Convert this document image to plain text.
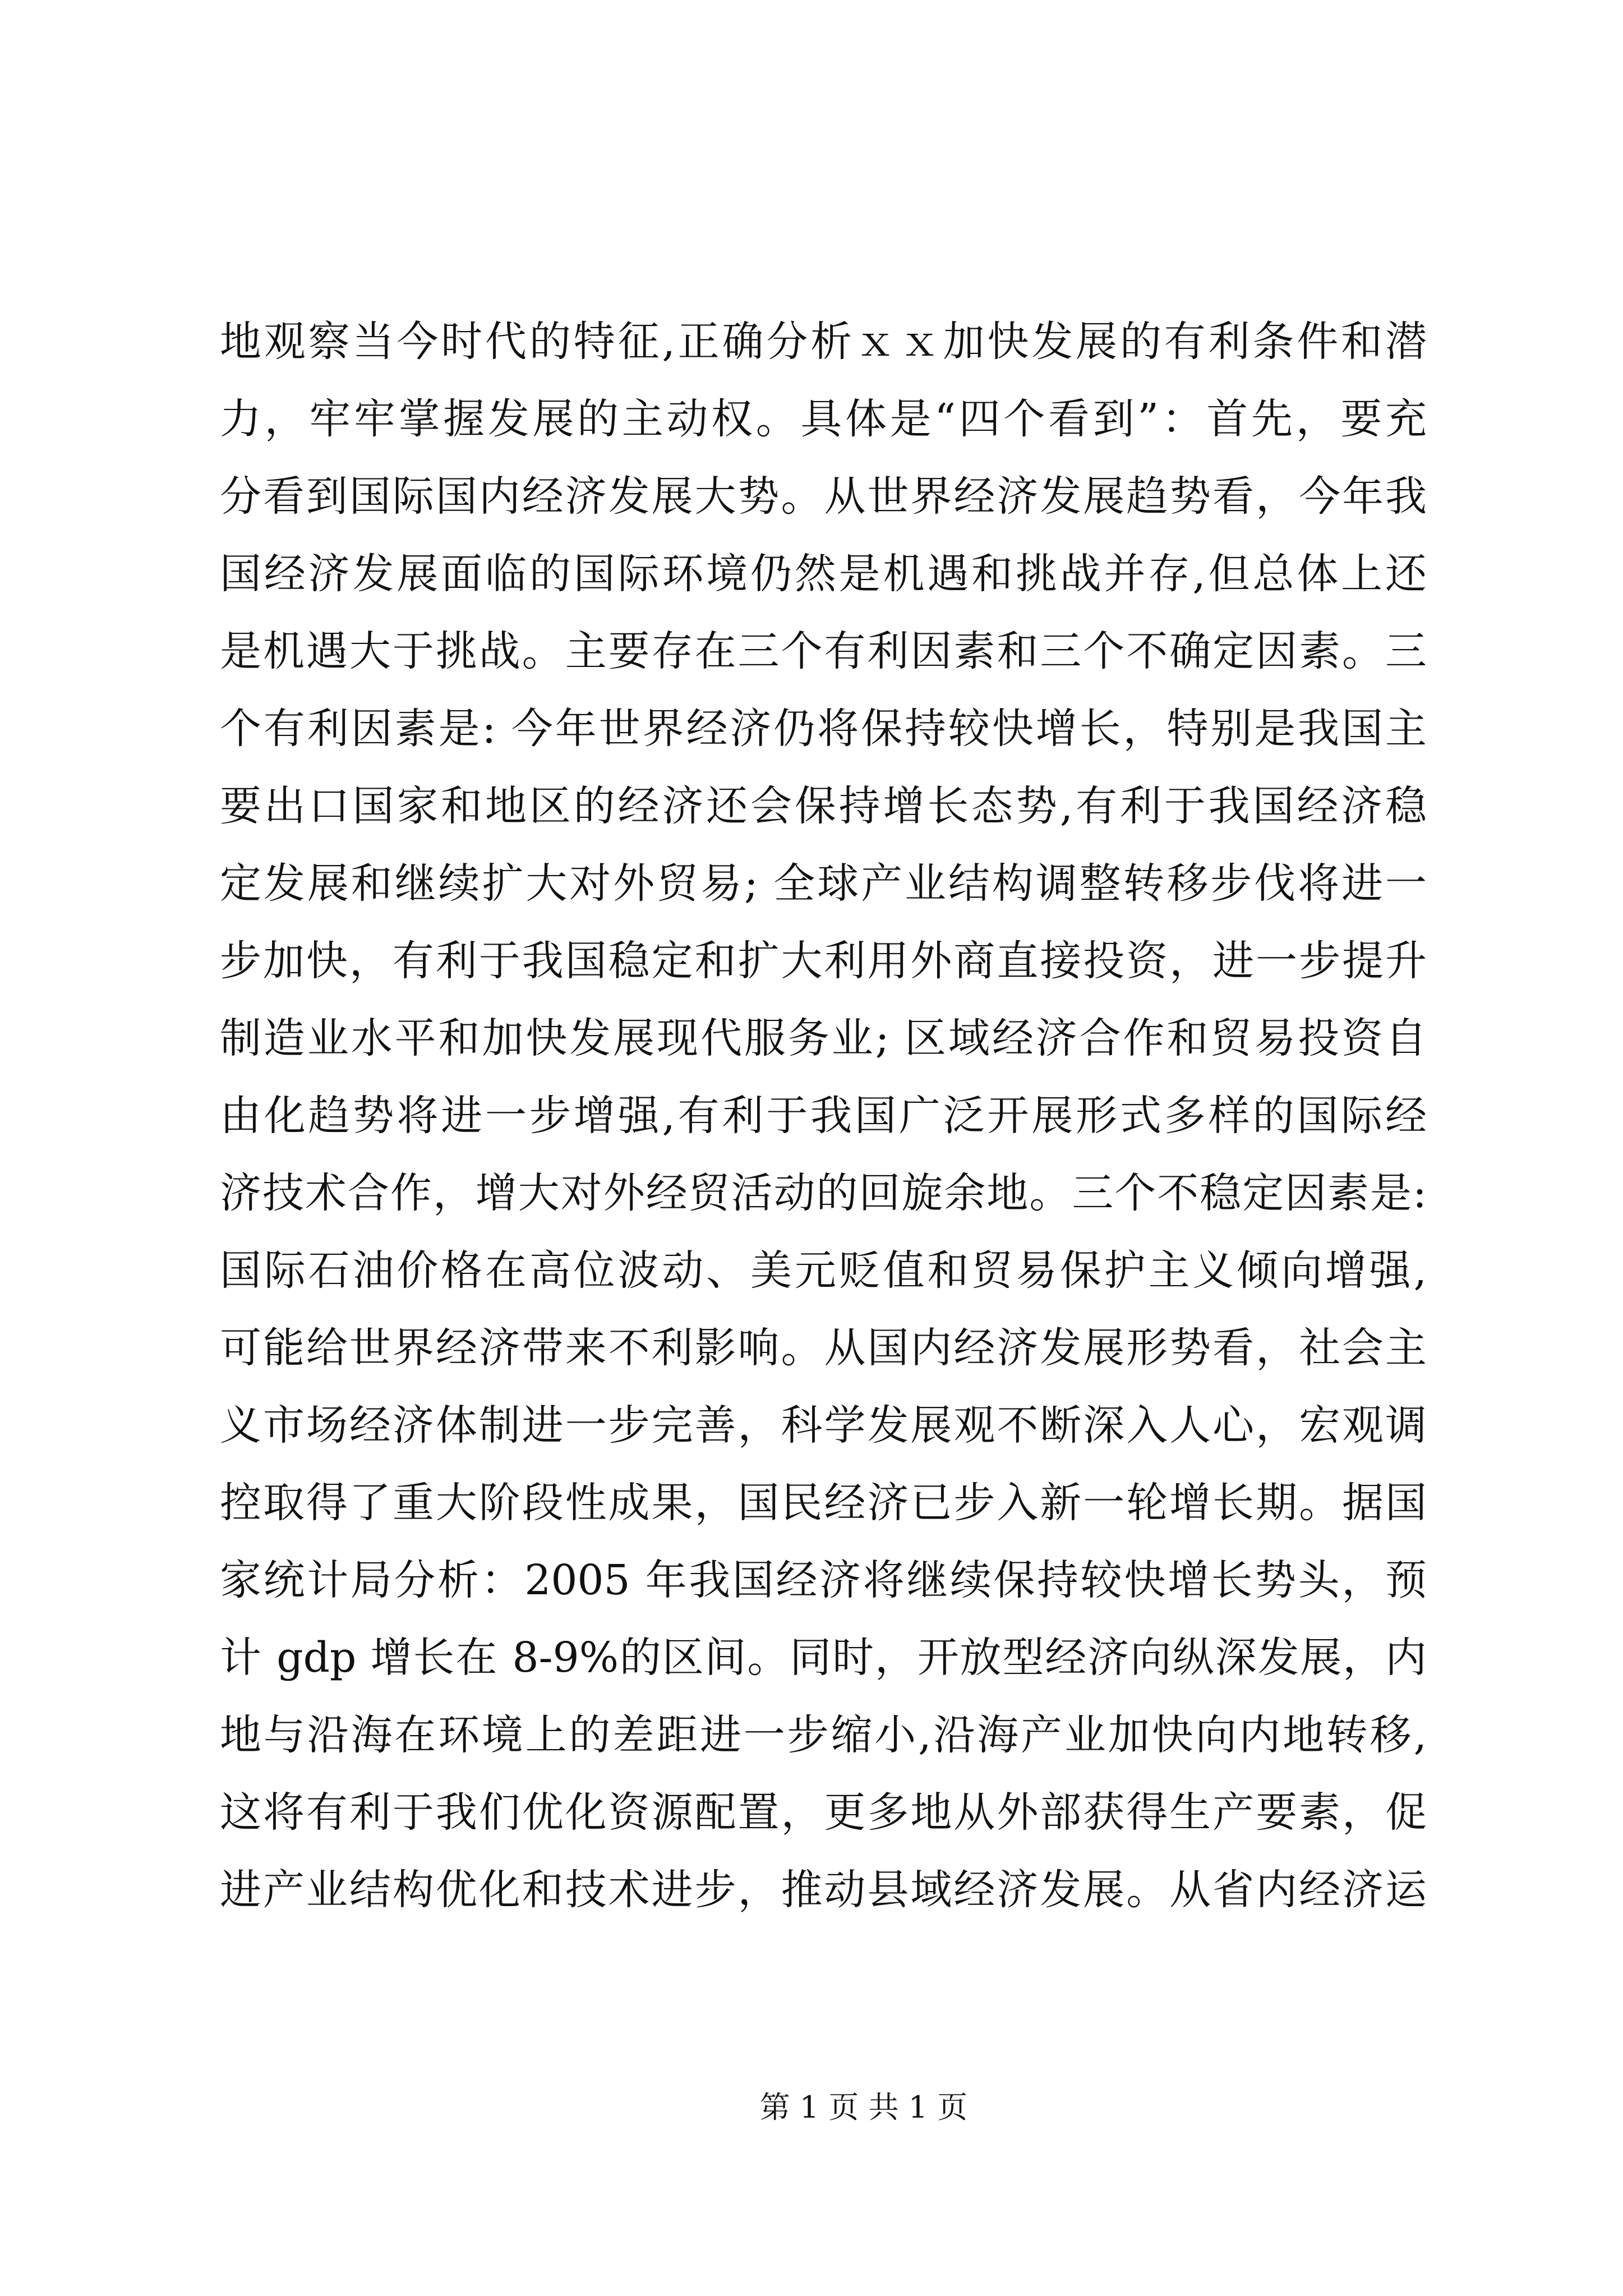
地观察当今时代的特征,正确分析ｘｘ加快发展的有利条件和潜
力，牢牢掌握发展的主动权。具体是“四个看到”：首先，要充
分看到国际国内经济发展大势。从世界经济发展趋势看，今年我
国经济发展面临的国际环境仍然是机遇和挑战并存,但总体上还
是机遇大于挑战。主要存在三个有利因素和三个不确定因素。三
个有利因素是: 今年世界经济仍将保持较快增长，特别是我国主
要出口国家和地区的经济还会保持增长态势,有利于我国经济稳
定发展和继续扩大对外贸易; 全球产业结构调整转移步伐将进一
步加快，有利于我国稳定和扩大利用外商直接投资，进一步提升
制造业水平和加快发展现代服务业; 区域经济合作和贸易投资自
由化趋势将进一步增强,有利于我国广泛开展形式多样的国际经
济技术合作，增大对外经贸活动的回旋余地。三个不稳定因素是:
国际石油价格在高位波动、美元贬值和贸易保护主义倾向增强,
可能给世界经济带来不利影响。从国内经济发展形势看，社会主
义市场经济体制进一步完善，科学发展观不断深入人心，宏观调
控取得了重大阶段性成果，国民经济已步入新一轮增长期。据国
家统计局分析：2005 年我国经济将继续保持较快增长势头，预
计 gdp 增长在 8-9%的区间。同时，开放型经济向纵深发展，内
地与沿海在环境上的差距进一步缩小,沿海产业加快向内地转移,
这将有利于我们优化资源配置，更多地从外部获得生产要素，促
进产业结构优化和技术进步，推动县域经济发展。从省内经济运
第 1 页 共 1 页
